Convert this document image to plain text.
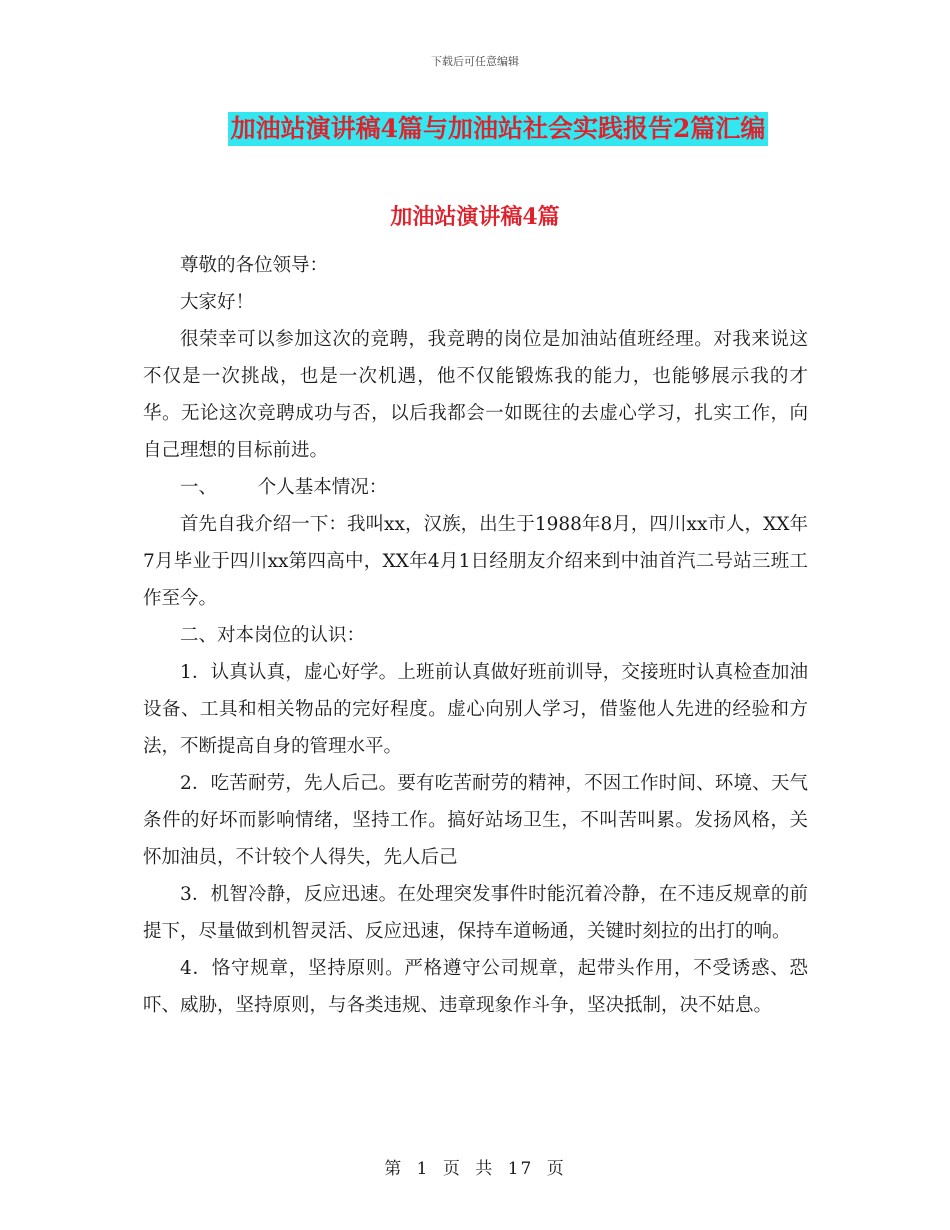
下载后可任意编辑
加油站演讲稿4篇与加油站社会实践报告2篇汇编
加油站演讲稿4篇

尊敬的各位领导：

大家好！

很荣幸可以参加这次的竞聘，我竞聘的岗位是加油站值班经理。对我来说这不仅是一次挑战，也是一次机遇，他不仅能锻炼我的能力，也能够展示我的才华。无论这次竞聘成功与否，以后我都会一如既往的去虚心学习，扎实工作，向自己理想的目标前进。

一、 个人基本情况：

首先自我介绍一下：我叫xx，汉族，出生于1988年8月，四川xx市人，XX年7月毕业于四川xx第四高中，XX年4月1日经朋友介绍来到中油首汽二号站三班工作至今。

二、对本岗位的认识：

1．认真认真，虚心好学。上班前认真做好班前训导，交接班时认真检查加油设备、工具和相关物品的完好程度。虚心向别人学习，借鉴他人先进的经验和方法，不断提高自身的管理水平。

2．吃苦耐劳，先人后己。要有吃苦耐劳的精神，不因工作时间、环境、天气条件的好坏而影响情绪，坚持工作。搞好站场卫生，不叫苦叫累。发扬风格，关怀加油员，不计较个人得失，先人后己

3．机智冷静，反应迅速。在处理突发事件时能沉着冷静，在不违反规章的前提下，尽量做到机智灵活、反应迅速，保持车道畅通，关键时刻拉的出打的响。

4．恪守规章，坚持原则。严格遵守公司规章，起带头作用，不受诱惑、恐吓、威胁，坚持原则，与各类违规、违章现象作斗争，坚决抵制，决不姑息。

第 1 页 共 17 页
